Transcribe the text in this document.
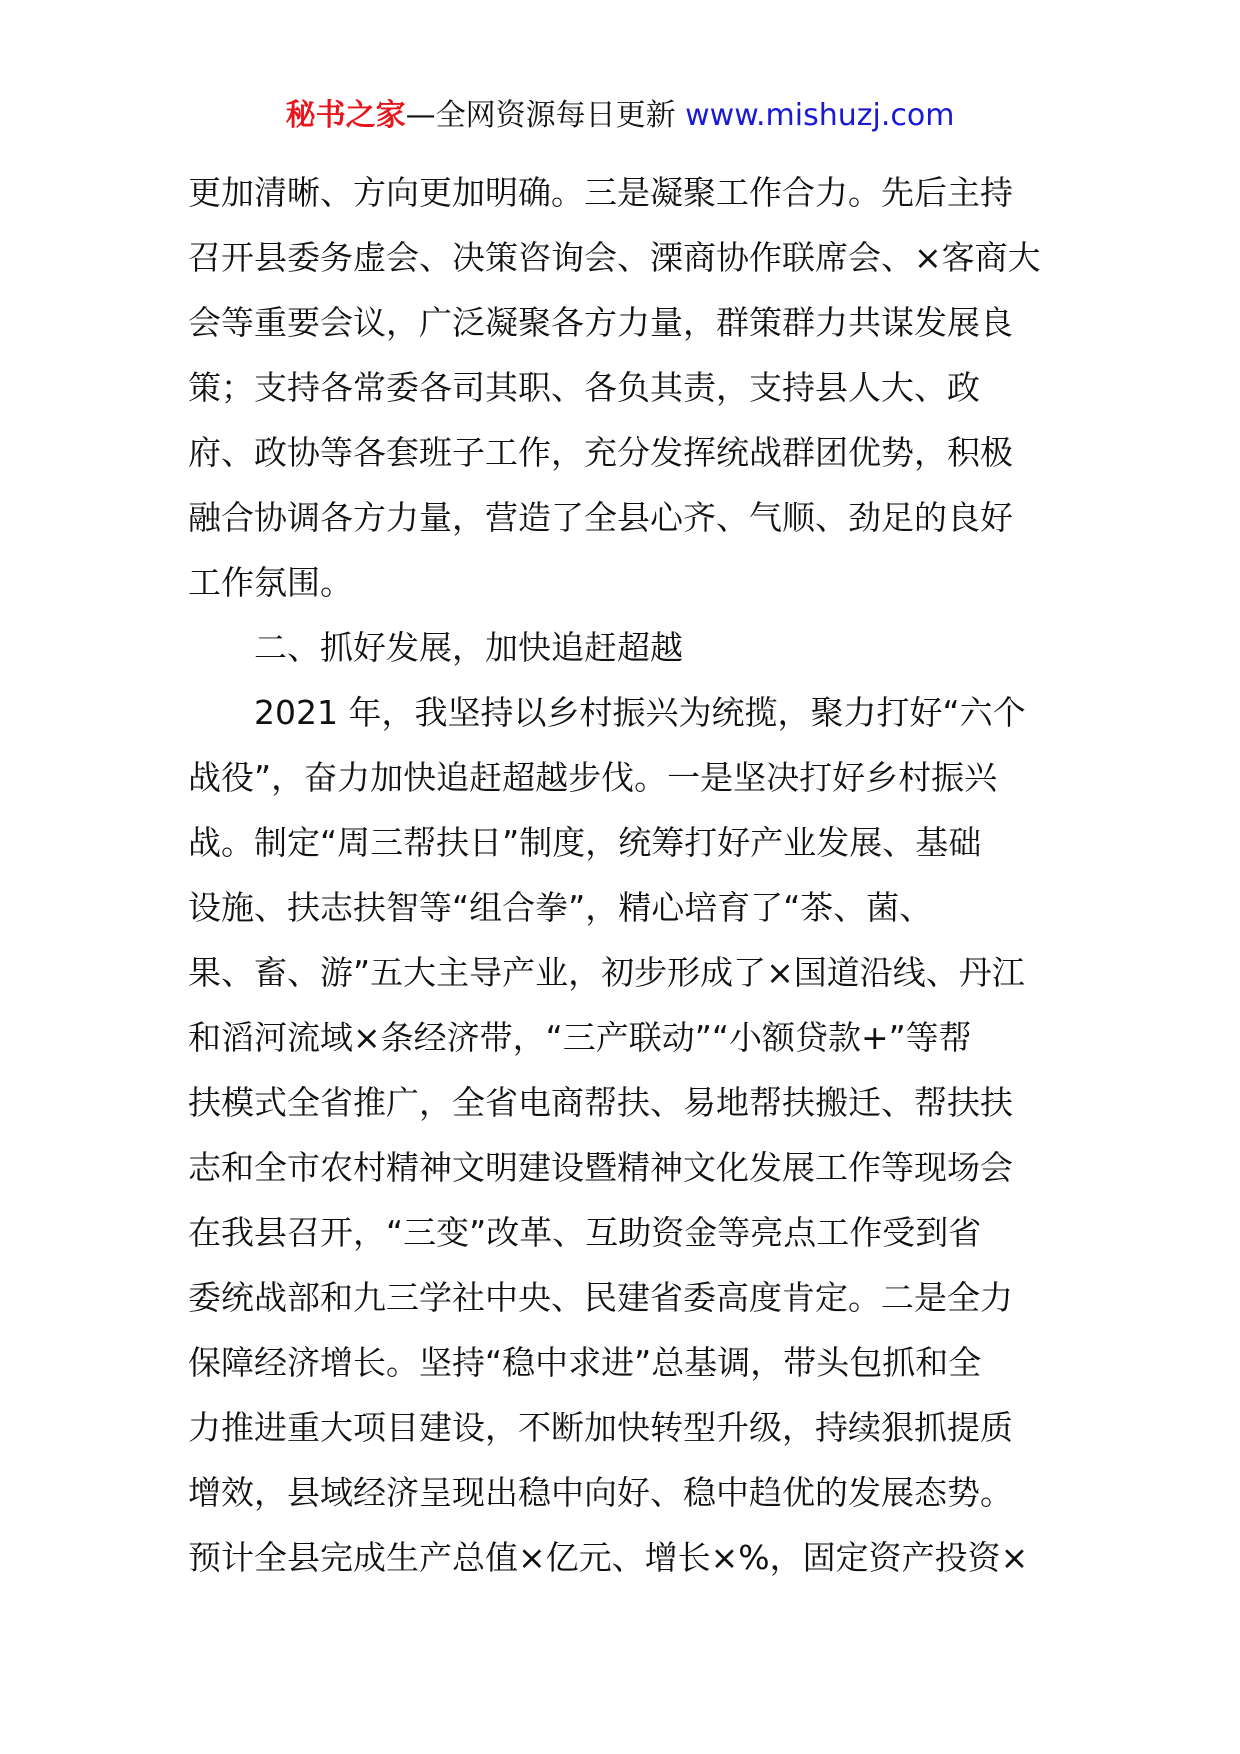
秘书之家—全网资源每日更新 www.mishuzj.com
更加清晰、方向更加明确。三是凝聚工作合力。先后主持
召开县委务虚会、决策咨询会、溧商协作联席会、×客商大
会等重要会议，广泛凝聚各方力量，群策群力共谋发展良
策；支持各常委各司其职、各负其责，支持县人大、政
府、政协等各套班子工作，充分发挥统战群团优势，积极
融合协调各方力量，营造了全县心齐、气顺、劲足的良好
工作氛围。
二、抓好发展，加快追赶超越
2021 年，我坚持以乡村振兴为统揽，聚力打好“六个
战役”，奋力加快追赶超越步伐。一是坚决打好乡村振兴
战。制定“周三帮扶日”制度，统筹打好产业发展、基础
设施、扶志扶智等“组合拳”，精心培育了“茶、菌、
果、畜、游”五大主导产业，初步形成了×国道沿线、丹江
和滔河流域×条经济带，“三产联动”“小额贷款+”等帮
扶模式全省推广，全省电商帮扶、易地帮扶搬迁、帮扶扶
志和全市农村精神文明建设暨精神文化发展工作等现场会
在我县召开，“三变”改革、互助资金等亮点工作受到省
委统战部和九三学社中央、民建省委高度肯定。二是全力
保障经济增长。坚持“稳中求进”总基调，带头包抓和全
力推进重大项目建设，不断加快转型升级，持续狠抓提质
增效，县域经济呈现出稳中向好、稳中趋优的发展态势。
预计全县完成生产总值×亿元、增长×%，固定资产投资×
